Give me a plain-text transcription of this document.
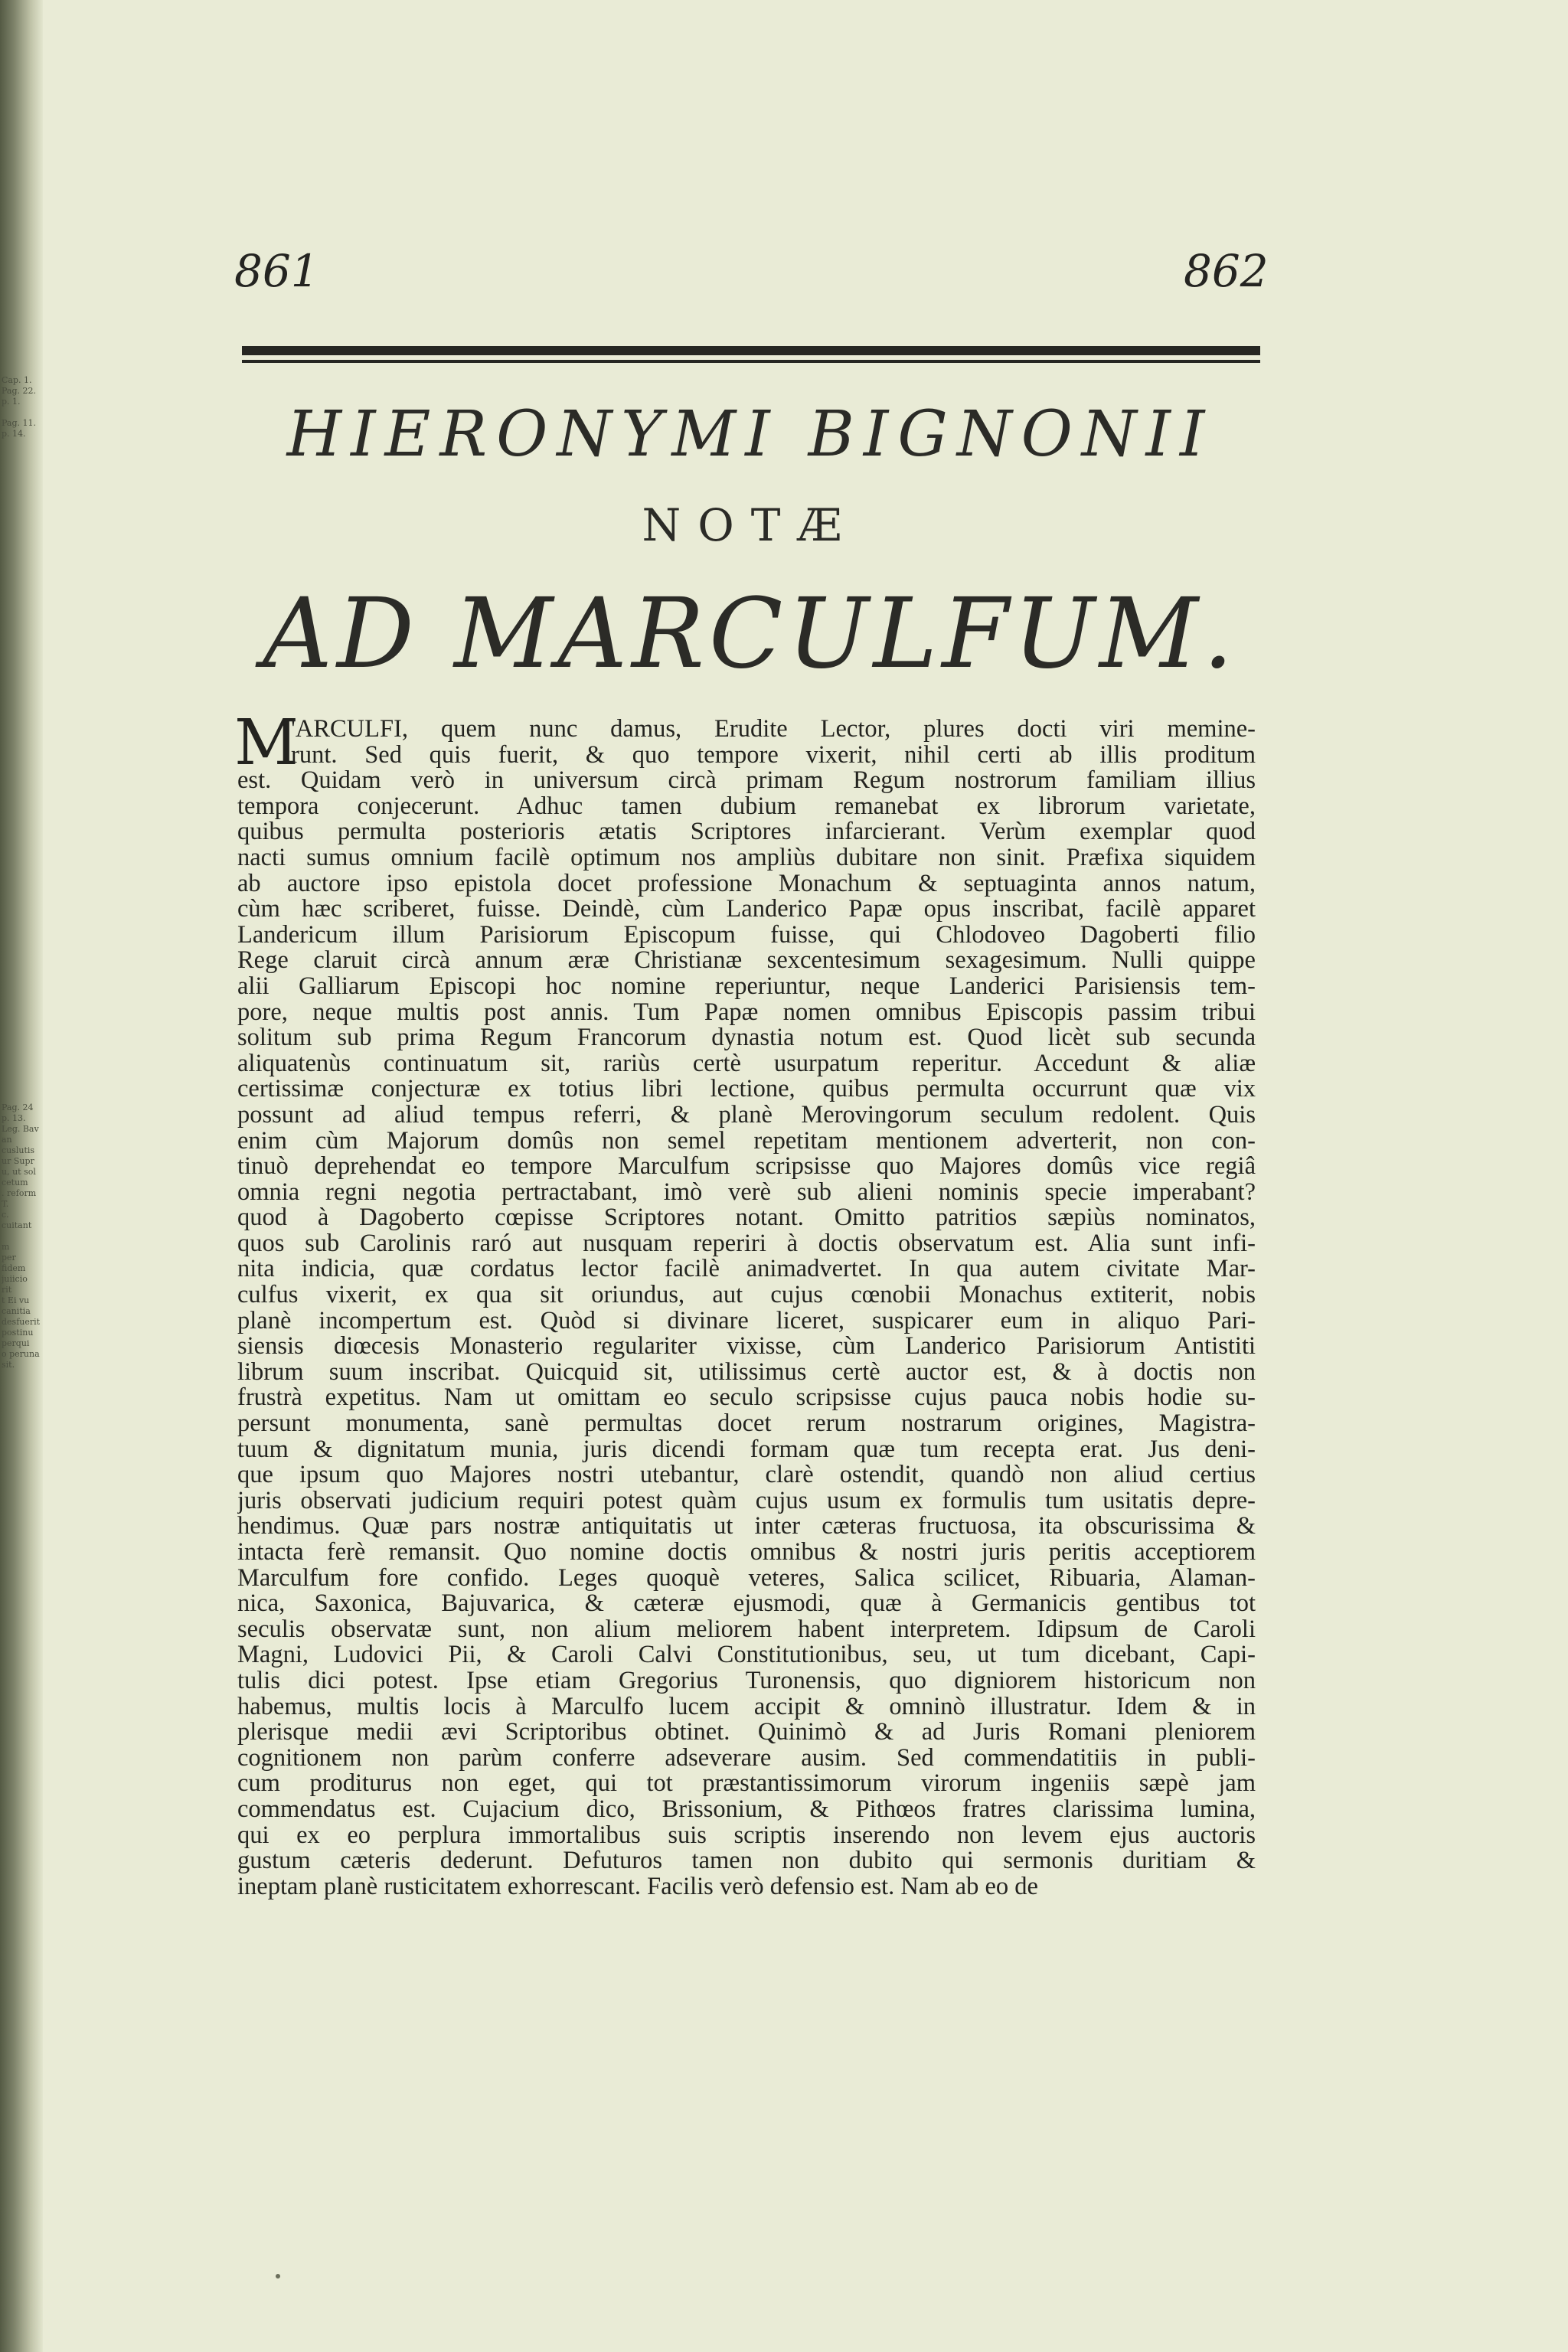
Cap. 1.
Pag. 22.
p. 1.

Pag. 11.
p. 14.
Pag. 24
p. 13.
Leg. Bav
an
cuslutis
ur Supr
u, ut sol
cetum
. reform
T.
c. cuitant

m
per
fidem
juiicio
rit
t Ei vu
canitia
desfuerit
postinu
perqui
o peruna
sit.
861	862
HIERONYMI BIGNONII
NOTÆ
AD MARCULFUM.
M
'ARCULFI, quem nunc damus, Erudite Lector, plures docti viri memine-
runt. Sed quis fuerit, & quo tempore vixerit, nihil certi ab illis proditum
est. Quidam verò in universum circà primam Regum nostrorum familiam illius
tempora conjecerunt. Adhuc tamen dubium remanebat ex librorum varietate,
quibus permulta posterioris ætatis Scriptores infarcierant. Verùm exemplar quod
nacti sumus omnium facilè optimum nos ampliùs dubitare non sinit. Præfixa siquidem
ab auctore ipso epistola docet professione Monachum & septuaginta annos natum,
cùm hæc scriberet, fuisse. Deindè, cùm Landerico Papæ opus inscribat, facilè apparet
Landericum illum Parisiorum Episcopum fuisse, qui Chlodoveo Dagoberti filio
Rege claruit circà annum æræ Christianæ sexcentesimum sexagesimum. Nulli quippe
alii Galliarum Episcopi hoc nomine reperiuntur, neque Landerici Parisiensis tem-
pore, neque multis post annis. Tum Papæ nomen omnibus Episcopis passim tribui
solitum sub prima Regum Francorum dynastia notum est. Quod licèt sub secunda
aliquatenùs continuatum sit, rariùs certè usurpatum reperitur. Accedunt & aliæ
certissimæ conjecturæ ex totius libri lectione, quibus permulta occurrunt quæ vix
possunt ad aliud tempus referri, & planè Merovingorum seculum redolent. Quis
enim cùm Majorum domûs non semel repetitam mentionem adverterit, non con-
tinuò deprehendat eo tempore Marculfum scripsisse quo Majores domûs vice regiâ
omnia regni negotia pertractabant, imò verè sub alieni nominis specie imperabant?
quod à Dagoberto cœpisse Scriptores notant. Omitto patritios sæpiùs nominatos,
quos sub Carolinis raró aut nusquam reperiri à doctis observatum est. Alia sunt infi-
nita indicia, quæ cordatus lector facilè animadvertet. In qua autem civitate Mar-
culfus vixerit, ex qua sit oriundus, aut cujus cœnobii Monachus extiterit, nobis
planè incompertum est. Quòd si divinare liceret, suspicarer eum in aliquo Pari-
siensis diœcesis Monasterio regulariter vixisse, cùm Landerico Parisiorum Antistiti
librum suum inscribat. Quicquid sit, utilissimus certè auctor est, & à doctis non
frustrà expetitus. Nam ut omittam eo seculo scripsisse cujus pauca nobis hodie su-
persunt monumenta, sanè permultas docet rerum nostrarum origines, Magistra-
tuum & dignitatum munia, juris dicendi formam quæ tum recepta erat. Jus deni-
que ipsum quo Majores nostri utebantur, clarè ostendit, quandò non aliud certius
juris observati judicium requiri potest quàm cujus usum ex formulis tum usitatis depre-
hendimus. Quæ pars nostræ antiquitatis ut inter cæteras fructuosa, ita obscurissima &
intacta ferè remansit. Quo nomine doctis omnibus & nostri juris peritis acceptiorem
Marculfum fore confido. Leges quoquè veteres, Salica scilicet, Ribuaria, Alaman-
nica, Saxonica, Bajuvarica, & cæteræ ejusmodi, quæ à Germanicis gentibus tot
seculis observatæ sunt, non alium meliorem habent interpretem. Idipsum de Caroli
Magni, Ludovici Pii, & Caroli Calvi Constitutionibus, seu, ut tum dicebant, Capi-
tulis dici potest. Ipse etiam Gregorius Turonensis, quo digniorem historicum non
habemus, multis locis à Marculfo lucem accipit & omninò illustratur. Idem & in
plerisque medii ævi Scriptoribus obtinet. Quinimò & ad Juris Romani pleniorem
cognitionem non parùm conferre adseverare ausim. Sed commendatitiis in publi-
cum proditurus non eget, qui tot præstantissimorum virorum ingeniis sæpè jam
commendatus est. Cujacium dico, Brissonium, & Pithœos fratres clarissima lumina,
qui ex eo perplura immortalibus suis scriptis inserendo non levem ejus auctoris
gustum cæteris dederunt. Defuturos tamen non dubito qui sermonis duritiam &
ineptam planè rusticitatem exhorrescant. Facilis verò defensio est. Nam ab eo de
